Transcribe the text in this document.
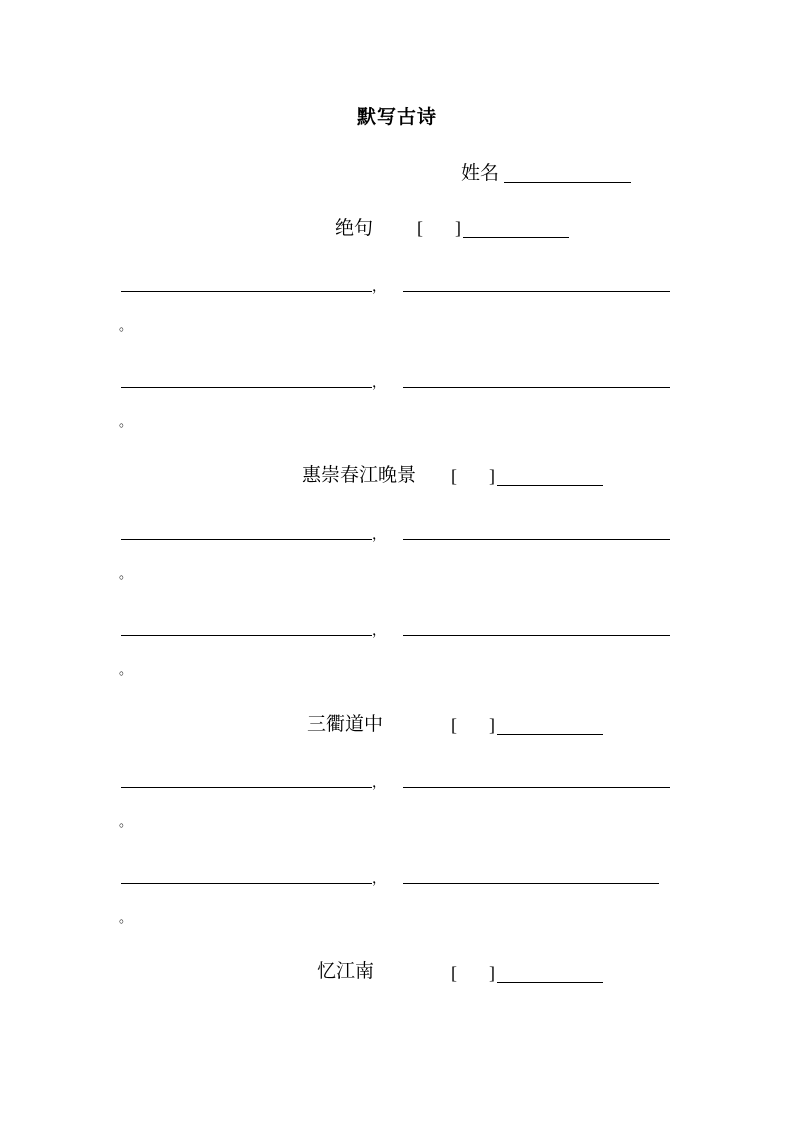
默写古诗
姓名
绝句 [ ]
，
。
，
。
惠崇春江晚景 [ ]
，
。
，
。
三衢道中	[ ]
，
。
，
。
忆江南	[ ]
